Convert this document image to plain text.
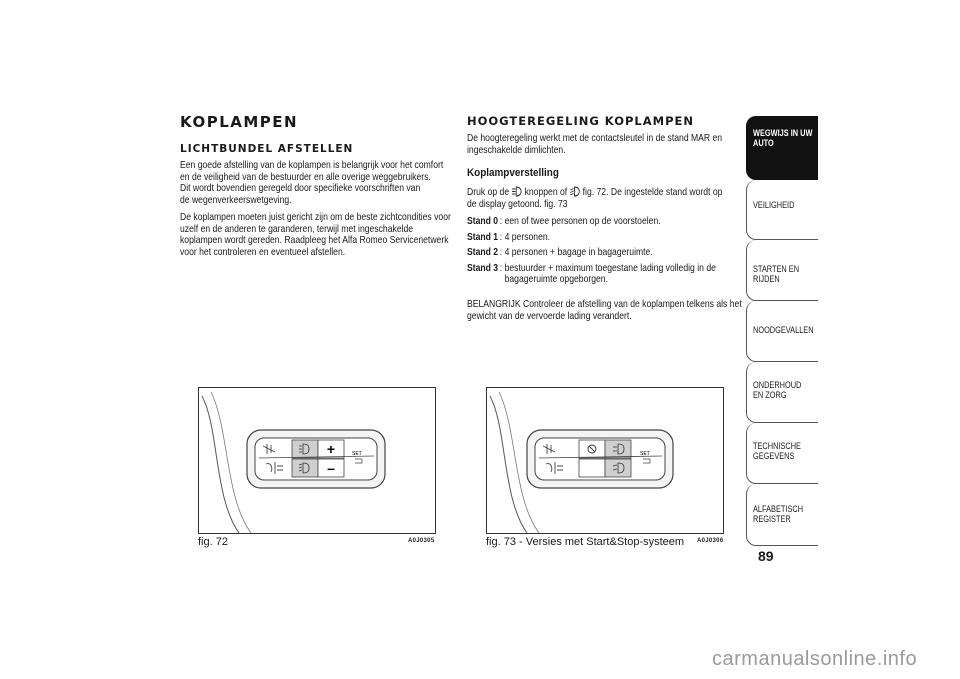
KOPLAMPEN
LICHTBUNDEL AFSTELLEN

Een goede afstelling van de koplampen is belangrijk voor het comfort
en de veiligheid van de bestuurder en alle overige weggebruikers.
Dit wordt bovendien geregeld door specifieke voorschriften van
de wegenverkeerswetgeving.

De koplampen moeten juist gericht zijn om de beste zichtcondities voor
uzelf en de anderen te garanderen, terwijl met ingeschakelde
koplampen wordt gereden. Raadpleeg het Alfa Romeo Servicenetwerk
voor het controleren en eventueel afstellen.

HOOGTEREGELING KOPLAMPEN
De hoogteregeling werkt met de contactsleutel in de stand MAR en
ingeschakelde dimlichten.
Koplampverstelling
Druk op de knoppen of fig. 72. De ingestelde stand wordt op
de display getoond. fig. 73
Stand 0 : een of twee personen op de voorstoelen.
Stand 1 : 4 personen.
Stand 2 : 4 personen + bagage in bagageruimte.
Stand 3 : bestuurder + maximum toegestane lading volledig in de
bagageruimte opgeborgen.
BELANGRIJK Controleer de afstelling van de koplampen telkens als het
gewicht van de vervoerde lading verandert.
+
–
SET
fig. 72	A0J0305
SET
fig. 73 - Versies met Start&Stop-systeem A0J0306
WEGWIJS IN UW AUTO
VEILIGHEID
STARTEN EN RIJDEN
NOODGEVALLEN
ONDERHOUD EN ZORG
TECHNISCHE GEGEVENS
ALFABETISCH REGISTER
89
carmanualsonline.info
